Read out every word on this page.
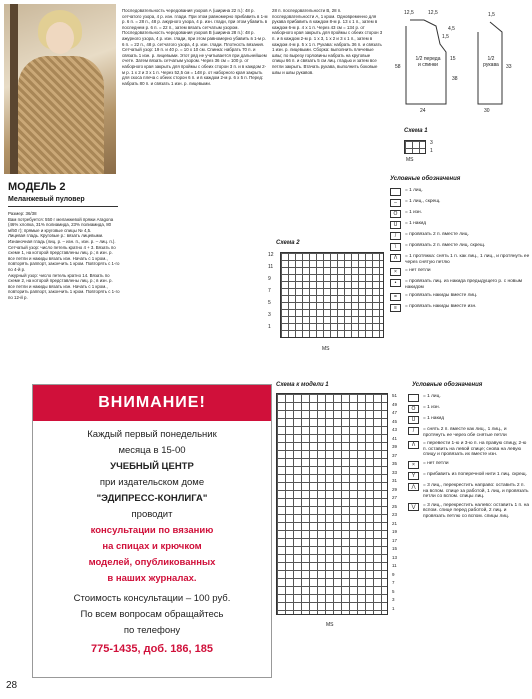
МОДЕЛЬ 2
Меланжевый пуловер
Размер: 36/38
Вам потребуется: 550 г меланжевой пряжи Aragona (46% хлопка, 31% полиамида, 23% полиамида, 80 м/50 г); прямые и круговые спицы № 4,5.
Лицевая гладь. Круговые р.: вязать лицевыми.
Изнаночная гладь (лиц. р. – изн. п., изн. р. – лиц. п.).
Сетчатый узор: число петель кратно 4 + 3. Вязать по схеме 1, на которой представлены лиц. р.; в изн. р. все петли и накиды вязать изн. Начать с 1 кром., повторять раппорт, закончить 1 кром. Повторять с 1-го по 4-й р.
Ажурный узор: число петель кратно 14. Вязать по схеме 2, на которой представлены лиц. р.; в изн. р. все петли и накиды вязать изн. Начать с 1 кром., повторить раппорт, закончить 1 кром. Повторять с 1-го по 12-й р.
Последовательность чередования узоров А (ширина 22 п.): 48 р. сетчатого узора, 4 р. изн. глади. При этом равномерно прибавить в 1-м р. 6 п. = 28 п., 48 р. ажурного узора, 4 р. изн. глади, при этом убавить в последнем р. 6 п. = 22 п., затем вязать сетчатым узором. Последовательность чередования узоров В (ширина 28 п.): 48 р. ажурного узора, 4 р. изн. глади, при этом равномерно убавить в 1-м р. 6 п. = 22 п., 48 р. сетчатого узора, 4 р. изн. глади. Плотность вязания. Сетчатый узор: 19 п. и 40 р. = 10 х 10 см. Спинка: набрать 70 п. и связать 1 изн. р. лицевыми. Этот ряд не учитывается при дальнейшем счете. Затем вязать сетчатым узором. Через 36 см = 100 р. от наборного края закрыть для проймы с обеих сторон 3 п. и в каждом 2-м р. 1 х 2 и 3 х 1 п. Через 52,5 см = 148 р. от наборного края закрыть для скоса плеча с обеих сторон 6 п. и в каждом 2-м р. 6 х 5 п. Перед: набрать 80 п. и связать 1 изн. р. лицевыми.
28 п. последовательности В, 28 п. последовательности А, 1 кром. Одновременно для рукава прибавить в каждом 8-м р. 13 х 1 п., затем в каждом 6-м р. 4 х 1 п. Через 43 см = 134 р. от наборного края закрыть для проймы с обеих сторон 3 п. и в каждом 2-м р. 1 х 3, 1 х 2 и 3 х 1 п., затем в каждом 4-м р. 5 х 1 п. Рукава: набрать 36 п. и связать 1 изн. р. лицевыми. Сборка: выполнить плечевые швы; по вырезу горловины набрать на круговые спицы 66 п. и связать 5 см лиц. гладью и затем все петли закрыть. Втачать рукава, выполнить боковые швы и швы рукавов.
12,5	12,5
4,5
1,5
1,5
1/2 переда и спинки
1/2 рукава
15
58
38
24
33
30
Схема 1
3
1
MS
Условные обозначения
= 1 лиц.
–	= 1 лиц., скрещ.
O	= 1 изн.
U	= 1 накид
/	= провязать 2 п. вместе лиц.
\	= провязать 2 п. вместе лиц. скрещ.
Λ	= 1 протяжка: снять 1 п. как лиц., 1 лиц., и протянуть ее через снятую петлю
×	= нет петли
•	= провязать лиц. из накида предыдущего р. с новым накидом
=	= провязать накиды вместе лиц.
≡	= провязать накиды вместе изн.
Схема 2
12
11
9
7
5
3
1
MS
Схема к модели 1
51
49
47
45
43
41
39
37
35
33
31
29
27
25
23
21
19
17
15
13
11
9
7
5
3
1
MS
Условные обозначения
= 1 лиц.
O	= 1 изн.
U	= 1 накид
/	= снять 2 п. вместе как лиц., 1 лиц., и протянуть ее через обе снятые петли
Λ	= перевести 1-ю и 3-ю п. на правую спицу, 2-ю п. оставить на левой спице; снова на левую спицу и провязать их вместе изн.
×	= нет петли
Y	= прибавить из поперечной нити 1 лиц. скрещ.
⋀	= 3 лиц., перекрестить направо: оставить 2 п. на вспом. спице за работой, 1 лиц. и провязать петли со вспом. спицы лиц.
⋁	= 3 лиц., перекрестить налево: оставить 1 п. на вспом. спице перед работой, 2 лиц. и провязать петлю со вспом. спицы лиц.
ВНИМАНИЕ!
Каждый первый понедельник
месяца в 15-00
УЧЕБНЫЙ ЦЕНТР
при издательском доме
"ЭДИПРЕСС-КОНЛИГА"
проводит
консультации по вязанию
на спицах и крючком
моделей, опубликованных
в наших журналах.
Стоимость консультации – 100 руб.
По всем вопросам обращайтесь
по телефону
775-1435, доб. 186, 185
28
